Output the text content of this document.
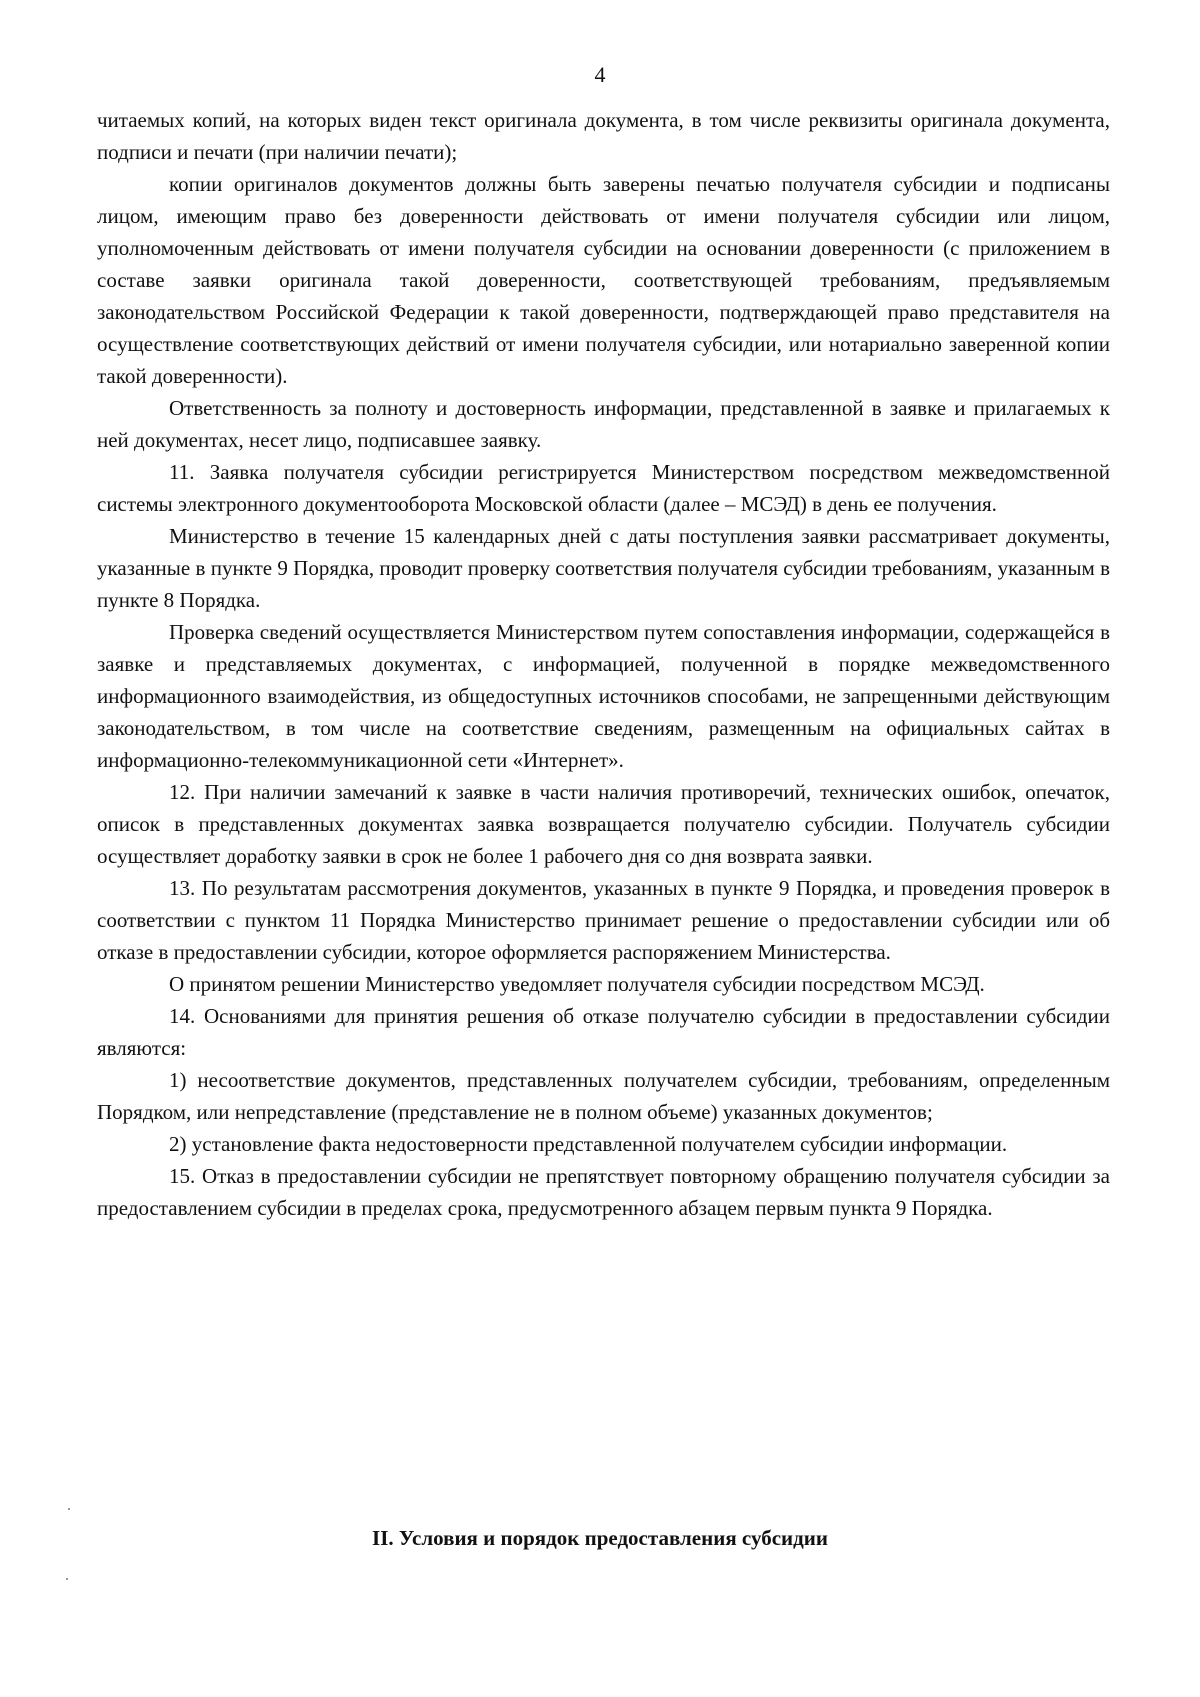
4

читаемых копий, на которых виден текст оригинала документа, в том числе реквизиты оригинала документа, подписи и печати (при наличии печати);

копии оригиналов документов должны быть заверены печатью получателя субсидии и подписаны лицом, имеющим право без доверенности действовать от имени получателя субсидии или лицом, уполномоченным действовать от имени получателя субсидии на основании доверенности (с приложением в составе заявки оригинала такой доверенности, соответствующей требованиям, предъявляемым законодательством Российской Федерации к такой доверенности, подтверждающей право представителя на осуществление соответствующих действий от имени получателя субсидии, или нотариально заверенной копии такой доверенности).

Ответственность за полноту и достоверность информации, представленной в заявке и прилагаемых к ней документах, несет лицо, подписавшее заявку.

11. Заявка получателя субсидии регистрируется Министерством посредством межведомственной системы электронного документооборота Московской области (далее – МСЭД) в день ее получения.

Министерство в течение 15 календарных дней с даты поступления заявки рассматривает документы, указанные в пункте 9 Порядка, проводит проверку соответствия получателя субсидии требованиям, указанным в пункте 8 Порядка.

Проверка сведений осуществляется Министерством путем сопоставления информации, содержащейся в заявке и представляемых документах, с информацией, полученной в порядке межведомственного информационного взаимодействия, из общедоступных источников способами, не запрещенными действующим законодательством, в том числе на соответствие сведениям, размещенным на официальных сайтах в информационно-телекоммуникационной сети «Интернет».

12. При наличии замечаний к заявке в части наличия противоречий, технических ошибок, опечаток, описок в представленных документах заявка возвращается получателю субсидии. Получатель субсидии осуществляет доработку заявки в срок не более 1 рабочего дня со дня возврата заявки.

13. По результатам рассмотрения документов, указанных в пункте 9 Порядка, и проведения проверок в соответствии с пунктом 11 Порядка Министерство принимает решение о предоставлении субсидии или об отказе в предоставлении субсидии, которое оформляется распоряжением Министерства.

О принятом решении Министерство уведомляет получателя субсидии посредством МСЭД.

14. Основаниями для принятия решения об отказе получателю субсидии в предоставлении субсидии являются:

1) несоответствие документов, представленных получателем субсидии, требованиям, определенным Порядком, или непредставление (представление не в полном объеме) указанных документов;

2) установление факта недостоверности представленной получателем субсидии информации.

15. Отказ в предоставлении субсидии не препятствует повторному обращению получателя субсидии за предоставлением субсидии в пределах срока, предусмотренного абзацем первым пункта 9 Порядка.

II. Условия и порядок предоставления субсидии
